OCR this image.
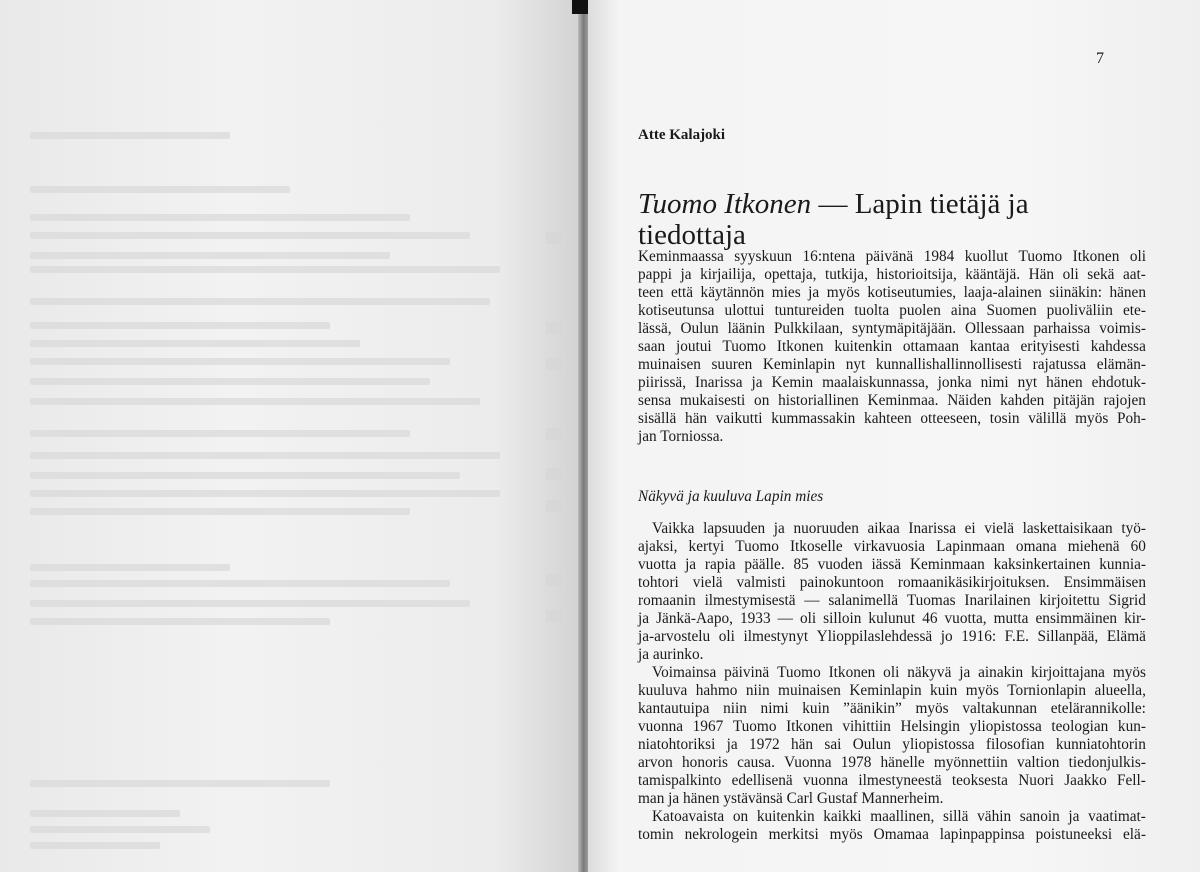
7
Atte Kalajoki
Tuomo Itkonen — Lapin tietäjä ja tiedottaja
Keminmaassa syyskuun 16:ntena päivänä 1984 kuollut Tuomo Itkonen oli
pappi ja kirjailija, opettaja, tutkija, historioitsija, kääntäjä. Hän oli sekä aat-
teen että käytännön mies ja myös kotiseutumies, laaja-alainen siinäkin: hänen
kotiseutunsa ulottui tuntureiden tuolta puolen aina Suomen puoliväliin ete-
lässä, Oulun läänin Pulkkilaan, syntymäpitäjään. Ollessaan parhaissa voimis-
saan joutui Tuomo Itkonen kuitenkin ottamaan kantaa erityisesti kahdessa
muinaisen suuren Keminlapin nyt kunnallishallinnollisesti rajatussa elämän-
piirissä, Inarissa ja Kemin maalaiskunnassa, jonka nimi nyt hänen ehdotuk-
sensa mukaisesti on historiallinen Keminmaa. Näiden kahden pitäjän rajojen
sisällä hän vaikutti kummassakin kahteen otteeseen, tosin välillä myös Poh-
jan Torniossa.
Näkyvä ja kuuluva Lapin mies
Vaikka lapsuuden ja nuoruuden aikaa Inarissa ei vielä laskettaisikaan työ-
ajaksi, kertyi Tuomo Itkoselle virkavuosia Lapinmaan omana miehenä 60
vuotta ja rapia päälle. 85 vuoden iässä Keminmaan kaksinkertainen kunnia-
tohtori vielä valmisti painokuntoon romaanikäsikirjoituksen. Ensimmäisen
romaanin ilmestymisestä — salanimellä Tuomas Inarilainen kirjoitettu Sigrid
ja Jänkä-Aapo, 1933 — oli silloin kulunut 46 vuotta, mutta ensimmäinen kir-
ja-arvostelu oli ilmestynyt Ylioppilaslehdessä jo 1916: F.E. Sillanpää, Elämä
ja aurinko.
Voimainsa päivinä Tuomo Itkonen oli näkyvä ja ainakin kirjoittajana myös
kuuluva hahmo niin muinaisen Keminlapin kuin myös Tornionlapin alueella,
kantautuipa niin nimi kuin ”äänikin” myös valtakunnan etelärannikolle:
vuonna 1967 Tuomo Itkonen vihittiin Helsingin yliopistossa teologian kun-
niatohtoriksi ja 1972 hän sai Oulun yliopistossa filosofian kunniatohtorin
arvon honoris causa. Vuonna 1978 hänelle myönnettiin valtion tiedonjulkis-
tamispalkinto edellisenä vuonna ilmestyneestä teoksesta Nuori Jaakko Fell-
man ja hänen ystävänsä Carl Gustaf Mannerheim.
Katoavaista on kuitenkin kaikki maallinen, sillä vähin sanoin ja vaatimat-
tomin nekrologein merkitsi myös Omamaa lapinpappinsa poistuneeksi elä-
